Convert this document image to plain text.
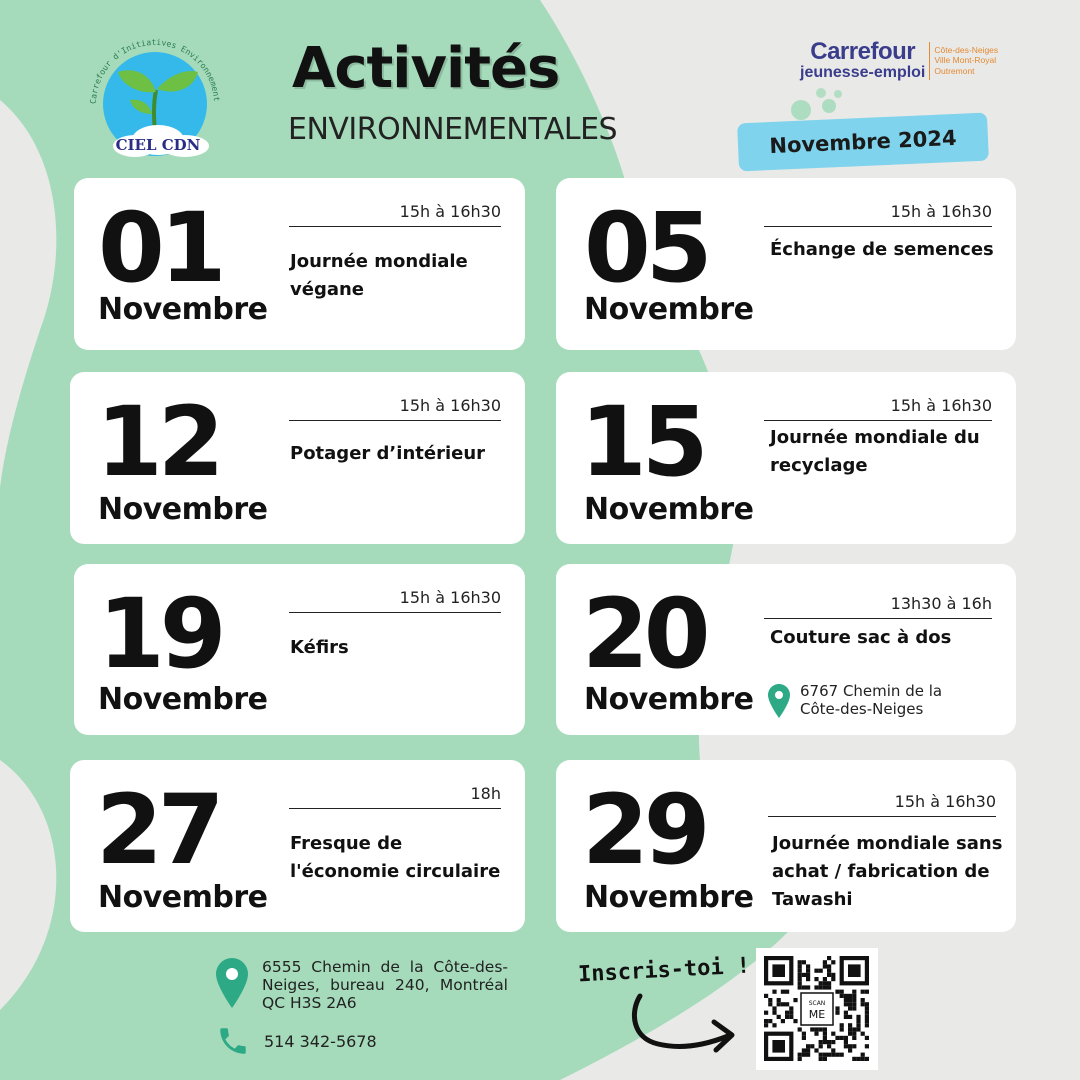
Carrefour d'Initiatives Environnement
CIEL CDN
Activités
ENVIRONNEMENTALES
Carrefour
jeunesse-emploi
Côte-des-Neiges
Ville Mont-Royal
Outremont
Novembre 2024
01
Novembre
15h à 16h30
Journée mondiale végane	05
Novembre
15h à 16h30
Échange de semences
12
Novembre
15h à 16h30
Potager d’intérieur 15
Novembre
15h à 16h30
Journée mondiale du recyclage
19
Novembre
15h à 16h30
Kéfirs	20
Novembre
13h30 à 16h
Couture sac à dos
6767 Chemin de la Côte-des-Neiges
27
Novembre
18h
Fresque de l'économie circulaire 29
Novembre
15h à 16h30
Journée mondiale sans achat / fabrication de Tawashi
6555 Chemin de la Côte-des-Neiges, bureau 240, Montréal QC H3S 2A6
514 342-5678
Inscris-toi !
SCAN
ME
